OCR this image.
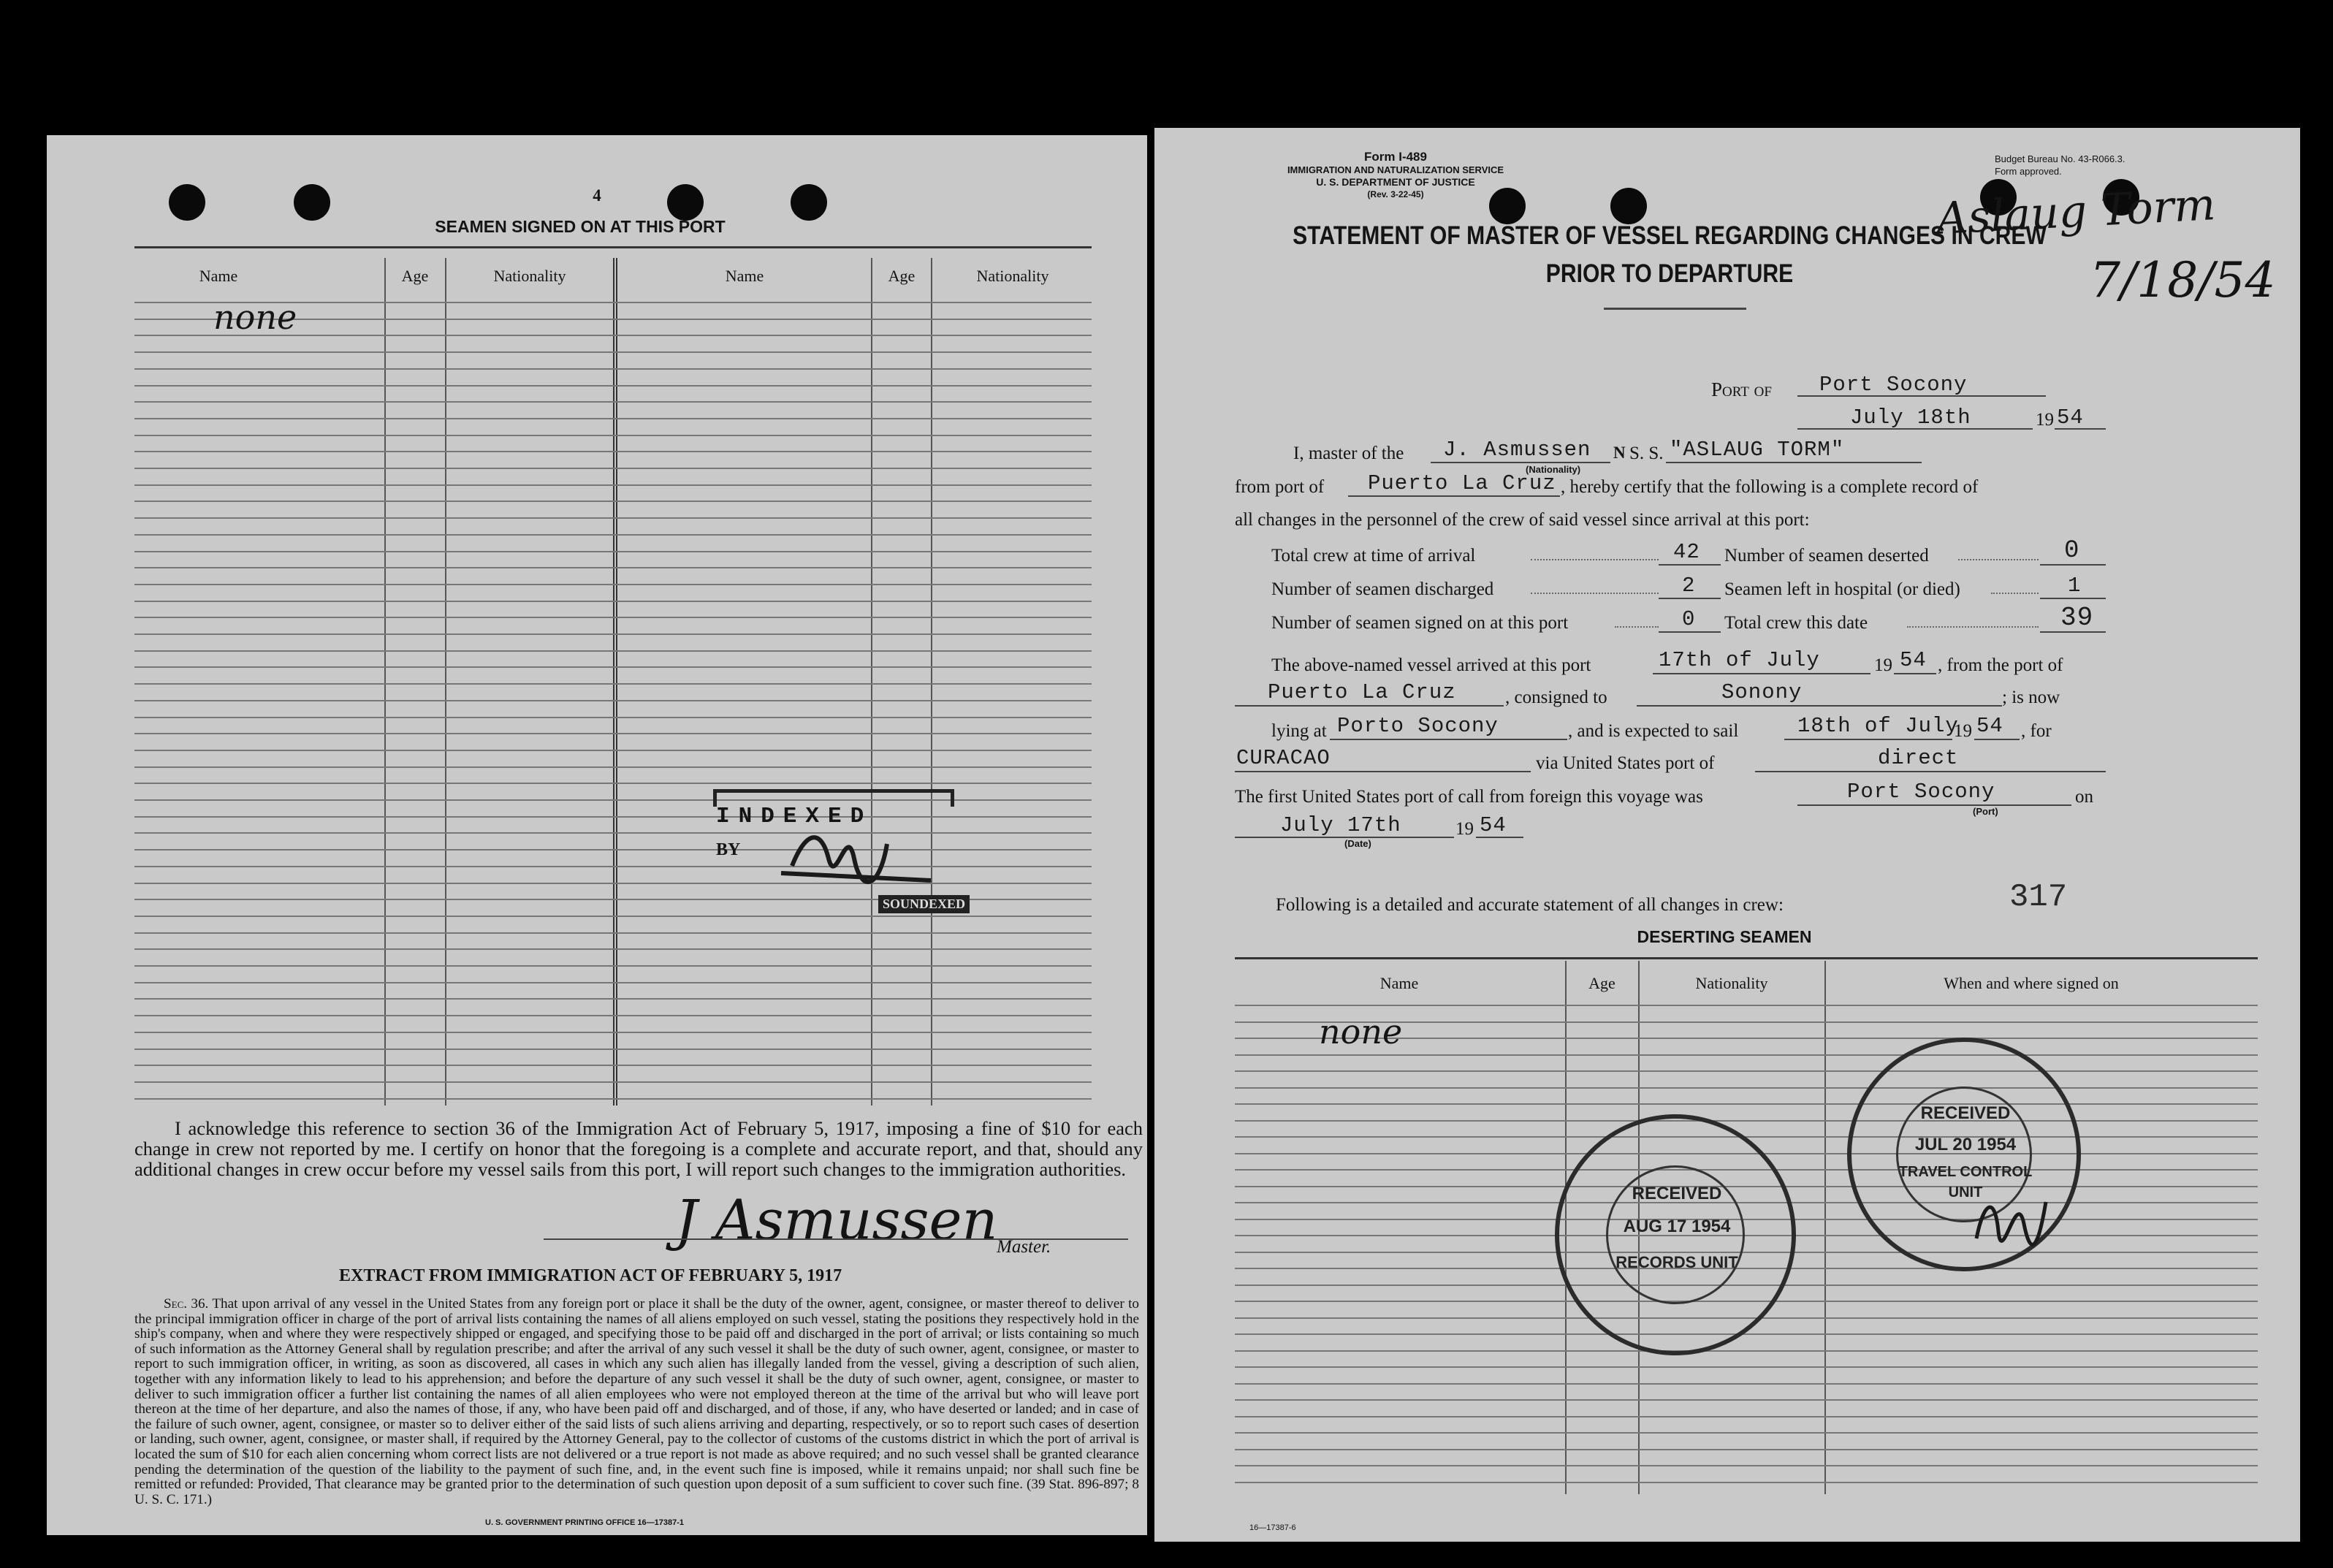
4
SEAMEN SIGNED ON AT THIS PORT
Name	Age	Nationality	Name	Age	Nationality
none
INDEXED
BY
SOUNDEXED
I acknowledge this reference to section 36 of the Immigration Act of February 5, 1917, imposing a fine of $10 for each change in crew not reported by me. I certify on honor that the foregoing is a complete and accurate report, and that, should any additional changes in crew occur before my vessel sails from this port, I will report such changes to the immigration authorities.
J Asmussen
Master.
EXTRACT FROM IMMIGRATION ACT OF FEBRUARY 5, 1917
Sec. 36. That upon arrival of any vessel in the United States from any foreign port or place it shall be the duty of the owner, agent, consignee, or master thereof to deliver to the principal immigration officer in charge of the port of arrival lists containing the names of all aliens employed on such vessel, stating the positions they respectively hold in the ship's company, when and where they were respectively shipped or engaged, and specifying those to be paid off and discharged in the port of arrival; or lists containing so much of such information as the Attorney General shall by regulation prescribe; and after the arrival of any such vessel it shall be the duty of such owner, agent, consignee, or master to report to such immigration officer, in writing, as soon as discovered, all cases in which any such alien has illegally landed from the vessel, giving a description of such alien, together with any information likely to lead to his apprehension; and before the departure of any such vessel it shall be the duty of such owner, agent, consignee, or master to deliver to such immigration officer a further list containing the names of all alien employees who were not employed thereon at the time of the arrival but who will leave port thereon at the time of her departure, and also the names of those, if any, who have been paid off and discharged, and of those, if any, who have deserted or landed; and in case of the failure of such owner, agent, consignee, or master so to deliver either of the said lists of such aliens arriving and departing, respectively, or so to report such cases of desertion or landing, such owner, agent, consignee, or master shall, if required by the Attorney General, pay to the collector of customs of the customs district in which the port of arrival is located the sum of $10 for each alien concerning whom correct lists are not delivered or a true report is not made as above required; and no such vessel shall be granted clearance pending the determination of the question of the liability to the payment of such fine, and, in the event such fine is imposed, while it remains unpaid; nor shall such fine be remitted or refunded: Provided, That clearance may be granted prior to the determination of such question upon deposit of a sum sufficient to cover such fine. (39 Stat. 896-897; 8 U. S. C. 171.)
U. S. GOVERNMENT PRINTING OFFICE 16—17387-1
Form I-489
IMMIGRATION AND NATURALIZATION SERVICE
U. S. DEPARTMENT OF JUSTICE
(Rev. 3-22-45)
Budget Bureau No. 43-R066.3.
Form approved.
Aslaug Torm
7/18/54
STATEMENT OF MASTER OF VESSEL REGARDING CHANGES IN CREW
PRIOR TO DEPARTURE
Port of Port Socony
July 18th	19 54
I, master of the J. Asmussen N S. S. "ASLAUG TORM"
(Nationality)
from port of Puerto La Cruz , hereby certify that the following is a complete record of
all changes in the personnel of the crew of said vessel since arrival at this port:
Total crew at time of arrival	42 Number of seamen deserted	0
Number of seamen discharged	2 Seamen left in hospital (or died)	1
Number of seamen signed on at this port	0 Total crew this date	39
The above-named vessel arrived at this port	17th of July	19 54 , from the port of
Puerto La Cruz	, consigned to	Sonony	; is now
lying at Porto Socony	, and is expected to sail	18th of July
19 54 , for
CURACAO	via United States port of	direct
The first United States port of call from foreign this voyage was	Port Socony
(Port)
on
July 17th
(Date)
19 54
Following is a detailed and accurate statement of all changes in crew:	317
DESERTING SEAMEN
Name	Age	Nationality	When and where signed on
none
RECEIVED
AUG 17 1954
RECORDS UNIT
RECEIVED
JUL 20 1954
TRAVEL CONTROL
UNIT
16—17387-6
